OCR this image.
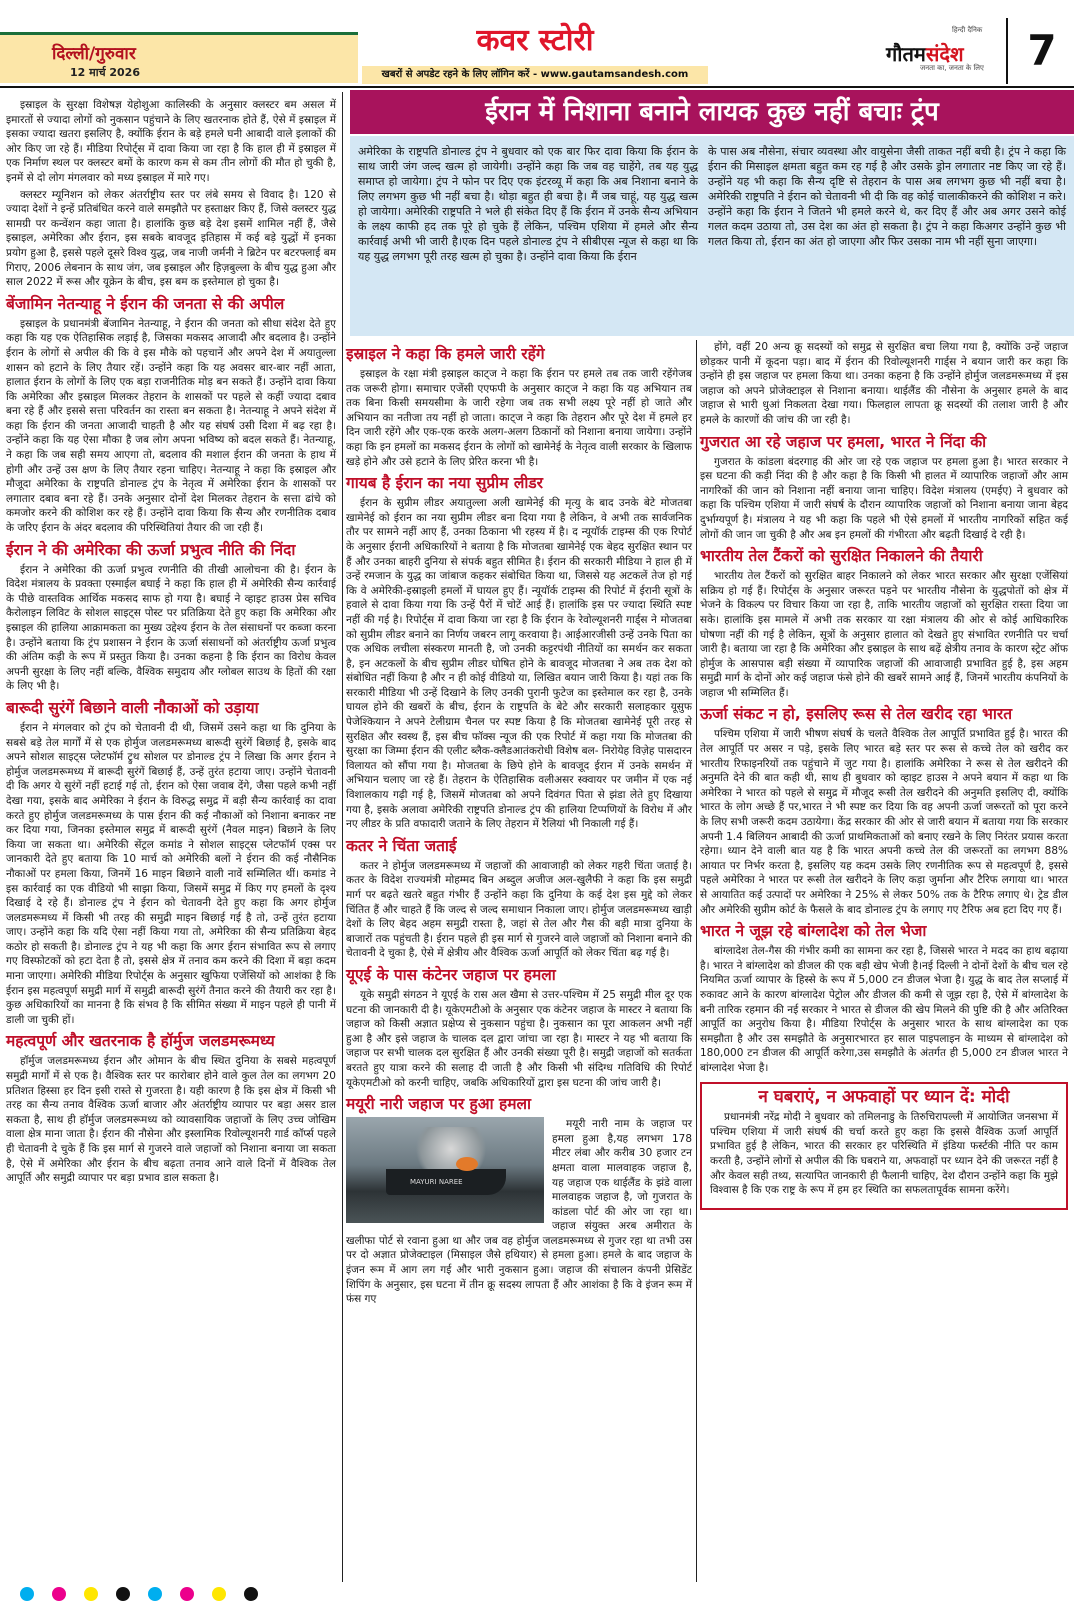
दिल्ली/गुरुवार
12 मार्च 2026
कवर स्टोरी
खबरों से अपडेट रहने के लिए लॉगिन करें - www.gautamsandesh.com
हिन्दी दैनिक
गौतमसंदेश
जनता का, जनता के लिए	7

इस्राइल के सुरक्षा विशेषज्ञ येहोशुआ कालिस्की के अनुसार क्लस्टर बम असल में इमारतों से ज्यादा लोगों को नुकसान पहुंचाने के लिए खतरनाक होते हैं, ऐसे में इस्राइल में इसका ज्यादा खतरा इसलिए है, क्योंकि ईरान के बड़े हमले घनी आबादी वाले इलाकों की ओर किए जा रहे हैं। मीडिया रिपोर्ट्स में दावा किया जा रहा है कि हाल ही में इस्राइल में एक निर्माण स्थल पर क्लस्टर बमों के कारण कम से कम तीन लोगों की मौत हो चुकी है, इनमें से दो लोग मंगलवार को मध्य इस्राइल में मारे गए।

क्लस्टर म्यूनिशन को लेकर अंतर्राष्ट्रीय स्तर पर लंबे समय से विवाद है। 120 से ज्यादा देशों ने इन्हें प्रतिबंधित करने वाले समझौते पर हस्ताक्षर किए हैं, जिसे क्लस्टर युद्ध सामग्री पर कन्वेंशन कहा जाता है। हालांकि कुछ बड़े देश इसमें शामिल नहीं हैं, जैसे इस्राइल, अमेरिका और ईरान, इस सबके बावजूद इतिहास में कई बड़े युद्धों में इनका प्रयोग हुआ है, इससे पहले दूसरे विश्व युद्ध, जब नाजी जर्मनी ने ब्रिटेन पर बटरफ्लाई बम गिराए, 2006 लेबनान के साथ जंग, जब इस्राइल और हिज़बुल्ला के बीच युद्ध हुआ और साल 2022 में रूस और यूक्रेन के बीच, इस बम क इस्तेमाल हो चुका है।

बेंजामिन नेतन्याहू ने ईरान की जनता से की अपील

इस्राइल के प्रधानमंत्री बेंजामिन नेतन्याहू, ने ईरान की जनता को सीधा संदेश देते हुए कहा कि यह एक ऐतिहासिक लड़ाई है, जिसका मकसद आजादी और बदलाव है। उन्होंने ईरान के लोगों से अपील की कि वे इस मौके को पहचानें और अपने देश में अयातुल्ला शासन को हटाने के लिए तैयार रहें। उन्होंने कहा कि यह अवसर बार-बार नहीं आता, हालात ईरान के लोगों के लिए एक बड़ा राजनीतिक मोड़ बन सकते हैं। उन्होंने दावा किया कि अमेरिका और इस्राइल मिलकर तेहरान के शासकों पर पहले से कहीं ज्यादा दबाव बना रहे हैं और इससे सत्ता परिवर्तन का रास्ता बन सकता है। नेतन्याहू ने अपने संदेश में कहा कि ईरान की जनता आजादी चाहती है और यह संघर्ष उसी दिशा में बढ़ रहा है। उन्होंने कहा कि यह ऐसा मौका है जब लोग अपना भविष्य को बदल सकते हैं। नेतन्याहू, ने कहा कि जब सही समय आएगा तो, बदलाव की मशाल ईरान की जनता के हाथ में होगी और उन्हें उस क्षण के लिए तैयार रहना चाहिए। नेतन्याहू ने कहा कि इस्राइल और मौजूदा अमेरिका के राष्ट्रपति डोनाल्ड ट्रंप के नेतृत्व में अमेरिका ईरान के शासकों पर लगातार दबाव बना रहे हैं। उनके अनुसार दोनों देश मिलकर तेहरान के सत्ता ढांचे को कमजोर करने की कोशिश कर रहे हैं। उन्होंने दावा किया कि सैन्य और रणनीतिक दबाव के जरिए ईरान के अंदर बदलाव की परिस्थितियां तैयार की जा रही हैं।

ईरान ने की अमेरिका की ऊर्जा प्रभुत्व नीति की निंदा

ईरान ने अमेरिका की ऊर्जा प्रभुत्व रणनीति की तीखी आलोचना की है। ईरान के विदेश मंत्रालय के प्रवक्ता एस्माईल बघाई ने कहा कि हाल ही में अमेरिकी सैन्य कार्रवाई के पीछे वास्तविक आर्थिक मकसद साफ हो गया है। बघाई ने व्हाइट हाउस प्रेस सचिव कैरोलाइन लिविट के सोशल साइट्स पोस्ट पर प्रतिक्रिया देते हुए कहा कि अमेरिका और इस्राइल की हालिया आक्रामकता का मुख्य उद्देश्य ईरान के तेल संसाधनों पर कब्जा करना है। उन्होंने बताया कि ट्रंप प्रशासन ने ईरान के ऊर्जा संसाधनों को अंतर्राष्ट्रीय ऊर्जा प्रभुत्व की अंतिम कड़ी के रूप में प्रस्तुत किया है। उनका कहना है कि ईरान का विरोध केवल अपनी सुरक्षा के लिए नहीं बल्कि, वैश्विक समुदाय और ग्लोबल साउथ के हितों की रक्षा के लिए भी है।

बारूदी सुरंगें बिछाने वाली नौकाओं को उड़ाया

ईरान ने मंगलवार को ट्रंप को चेतावनी दी थी, जिसमें उसने कहा था कि दुनिया के सबसे बड़े तेल मार्गों में से एक होर्मुज जलडमरूमध्य बारूदी सुरंगें बिछाई है, इसके बाद अपने सोशल साइट्स प्लेटफॉर्म ट्रुथ सोशल पर डोनाल्ड ट्रंप ने लिखा कि अगर ईरान ने होर्मुज जलडमरूमध्य में बारूदी सुरंगें बिछाई हैं, उन्हें तुरंत हटाया जाए। उन्होंने चेतावनी दी कि अगर ये सुरंगें नहीं हटाई गई तो, ईरान को ऐसा जवाब देंगे, जैसा पहले कभी नहीं देखा गया, इसके बाद अमेरिका ने ईरान के विरुद्ध समुद्र में बड़ी सैन्य कार्रवाई का दावा करते हुए होर्मुज जलडमरूमध्य के पास ईरान की कई नौकाओं को निशाना बनाकर नष्ट कर दिया गया, जिनका इस्तेमाल समुद्र में बारूदी सुरंगें (नैवल माइन) बिछाने के लिए किया जा सकता था। अमेरिकी सेंट्रल कमांड ने सोशल साइट्स प्लेटफॉर्म एक्स पर जानकारी देते हुए बताया कि 10 मार्च को अमेरिकी बलों ने ईरान की कई नौसैनिक नौकाओं पर हमला किया, जिनमें 16 माइन बिछाने वाली नावें सम्मिलित थीं। कमांड ने इस कार्रवाई का एक वीडियो भी साझा किया, जिसमें समुद्र में किए गए हमलों के दृश्य दिखाई दे रहे हैं। डोनाल्ड ट्रंप ने ईरान को चेतावनी देते हुए कहा कि अगर होर्मुज जलडमरूमध्य में किसी भी तरह की समुद्री माइन बिछाई गई है तो, उन्हें तुरंत हटाया जाए। उन्होंने कहा कि यदि ऐसा नहीं किया गया तो, अमेरिका की सैन्य प्रतिक्रिया बेहद कठोर हो सकती है। डोनाल्ड ट्रंप ने यह भी कहा कि अगर ईरान संभावित रूप से लगाए गए विस्फोटकों को हटा देता है तो, इससे क्षेत्र में तनाव कम करने की दिशा में बड़ा कदम माना जाएगा। अमेरिकी मीडिया रिपोर्ट्स के अनुसार खुफिया एजेंसियों को आशंका है कि ईरान इस महत्वपूर्ण समुद्री मार्ग में समुद्री बारूदी सुरंगें तैनात करने की तैयारी कर रहा है। कुछ अधिकारियों का मानना है कि संभव है कि सीमित संख्या में माइन पहले ही पानी में डाली जा चुकी हों।

महत्वपूर्ण और खतरनाक है हॉर्मुज जलडमरूमध्य

हॉर्मुज जलडमरूमध्य ईरान और ओमान के बीच स्थित दुनिया के सबसे महत्वपूर्ण समुद्री मार्गों में से एक है। वैश्विक स्तर पर कारोबार होने वाले कुल तेल का लगभग 20 प्रतिशत हिस्सा हर दिन इसी रास्ते से गुजरता है। यही कारण है कि इस क्षेत्र में किसी भी तरह का सैन्य तनाव वैश्विक ऊर्जा बाजार और अंतर्राष्ट्रीय व्यापार पर बड़ा असर डाल सकता है, साथ ही हॉर्मुज जलडमरूमध्य को व्यावसायिक जहाजों के लिए उच्च जोखिम वाला क्षेत्र माना जाता है। ईरान की नौसेना और इस्लामिक रिवोल्यूशनरी गार्ड कॉर्प्स पहले ही चेतावनी दे चुके हैं कि इस मार्ग से गुजरने वाले जहाजों को निशाना बनाया जा सकता है, ऐसे में अमेरिका और ईरान के बीच बढ़ता तनाव आने वाले दिनों में वैश्विक तेल आपूर्ति और समुद्री व्यापार पर बड़ा प्रभाव डाल सकता है।

ईरान में निशाना बनाने लायक कुछ नहीं बचाः ट्रंप
अमेरिका के राष्ट्रपति डोनाल्ड ट्रंप ने बुधवार को एक बार फिर दावा किया कि ईरान के साथ जारी जंग जल्द खत्म हो जायेगी। उन्होंने कहा कि जब वह चाहेंगे, तब यह युद्ध समाप्त हो जायेगा। ट्रंप ने फोन पर दिए एक इंटरव्यू में कहा कि अब निशाना बनाने के लिए लगभग कुछ भी नहीं बचा है। थोड़ा बहुत ही बचा है। मैं जब चाहूं, यह युद्ध खत्म हो जायेगा। अमेरिकी राष्ट्रपति ने भले ही संकेत दिए हैं कि ईरान में उनके सैन्य अभियान के लक्ष्य काफी हद तक पूरे हो चुके हैं लेकिन, पश्चिम एशिया में हमले और सैन्य कार्रवाई अभी भी जारी है।एक दिन पहले डोनाल्ड ट्रंप ने सीबीएस न्यूज से कहा था कि यह युद्ध लगभग पूरी तरह खत्म हो चुका है। उन्होंने दावा किया कि ईरान
के पास अब नौसेना, संचार व्यवस्था और वायुसेना जैसी ताकत नहीं बची है। ट्रंप ने कहा कि ईरान की मिसाइल क्षमता बहुत कम रह गई है और उसके ड्रोन लगातार नष्ट किए जा रहे हैं। उन्होंने यह भी कहा कि सैन्य दृष्टि से तेहरान के पास अब लगभग कुछ भी नहीं बचा है।अमेरिकी राष्ट्रपति ने ईरान को चेतावनी भी दी कि वह कोई चालाकीकरने की कोशिश न करे। उन्होंने कहा कि ईरान ने जितने भी हमले करने थे, कर दिए हैं और अब अगर उसने कोई गलत कदम उठाया तो, उस देश का अंत हो सकता है। ट्रंप ने कहा किअगर उन्होंने कुछ भी गलत किया तो, ईरान का अंत हो जाएगा और फिर उसका नाम भी नहीं सुना जाएगा।
इस्राइल ने कहा कि हमले जारी रहेंगे

इस्राइल के रक्षा मंत्री इस्राइल काट्ज ने कहा कि ईरान पर हमले तब तक जारी रहेंगेजब तक जरूरी होगा। समाचार एजेंसी एएफपी के अनुसार काट्ज ने कहा कि यह अभियान तब तक बिना किसी समयसीमा के जारी रहेगा जब तक सभी लक्ष्य पूरे नहीं हो जाते और अभियान का नतीजा तय नहीं हो जाता। काट्ज ने कहा कि तेहरान और पूरे देश में हमले हर दिन जारी रहेंगे और एक-एक करके अलग-अलग ठिकानों को निशाना बनाया जायेगा। उन्होंने कहा कि इन हमलों का मकसद ईरान के लोगों को खामेनेई के नेतृत्व वाली सरकार के खिलाफ खड़े होने और उसे हटाने के लिए प्रेरित करना भी है।

गायब है ईरान का नया सुप्रीम लीडर

ईरान के सुप्रीम लीडर अयातुल्ला अली खामेनेई की मृत्यु के बाद उनके बेटे मोजतबा खामेनेई को ईरान का नया सुप्रीम लीडर बना दिया गया है लेकिन, वे अभी तक सार्वजनिक तौर पर सामने नहीं आए हैं, उनका ठिकाना भी रहस्य में है। द न्यूयॉर्क टाइम्स की एक रिपोर्ट के अनुसार ईरानी अधिकारियों ने बताया है कि मोजतबा खामेनेई एक बेहद सुरक्षित स्थान पर हैं और उनका बाहरी दुनिया से संपर्क बहुत सीमित है। ईरान की सरकारी मीडिया ने हाल ही में उन्हें रमजान के युद्ध का जांबाज कहकर संबोधित किया था, जिससे यह अटकलें तेज हो गई कि वे अमेरिकी-इस्राइली हमलों में घायल हुए हैं। न्यूयॉर्क टाइम्स की रिपोर्ट में ईरानी सूत्रों के हवाले से दावा किया गया कि उन्हें पैरों में चोटें आई हैं। हालांकि इस पर ज्यादा स्थिति स्पष्ट नहीं की गई है। रिपोर्ट्स में दावा किया जा रहा है कि ईरान के रेवोल्यूशनरी गार्ड्स ने मोजतबा को सुप्रीम लीडर बनाने का निर्णय जबरन लागू करवाया है। आईआरजीसी उन्हें उनके पिता का एक अधिक लचीला संस्करण मानती है, जो उनकी कट्टरपंथी नीतियों का समर्थन कर सकता है, इन अटकलों के बीच सुप्रीम लीडर घोषित होने के बावजूद मोजतबा ने अब तक देश को संबोधित नहीं किया है और न ही कोई वीडियो या, लिखित बयान जारी किया है। यहां तक कि सरकारी मीडिया भी उन्हें दिखाने के लिए उनकी पुरानी फुटेज का इस्तेमाल कर रहा है, उनके घायल होने की खबरों के बीच, ईरान के राष्ट्रपति के बेटे और सरकारी सलाहकार यूसुफ पेजेश्कियान ने अपने टेलीग्राम चैनल पर स्पष्ट किया है कि मोजतबा खामेनेई पूरी तरह से सुरक्षित और स्वस्थ हैं, इस बीच फॉक्स न्यूज की एक रिपोर्ट में कहा गया कि मोजतबा की सुरक्षा का जिम्मा ईरान की एलीट ब्लैक-क्लैडआतंकरोधी विशेष बल- निरोयेह विज़ेह पासदारन विलायत को सौंपा गया है। मोजतबा के छिपे होने के बावजूद ईरान में उनके समर्थन में अभियान चलाए जा रहे हैं। तेहरान के ऐतिहासिक वलीअसर स्क्वायर पर जमीन में एक नई विशालकाय गढ़ी गई है, जिसमें मोजतबा को अपने दिवंगत पिता से झंडा लेते हुए दिखाया गया है, इसके अलावा अमेरिकी राष्ट्रपति डोनाल्ड ट्रंप की हालिया टिप्पणियों के विरोध में और नए लीडर के प्रति वफादारी जताने के लिए तेहरान में रैलियां भी निकाली गई हैं।

कतर ने चिंता जताई

कतर ने होर्मुज जलडमरूमध्य में जहाजों की आवाजाही को लेकर गहरी चिंता जताई है। कतर के विदेश राज्यमंत्री मोहम्मद बिन अब्दुल अजीज अल-खुलैफी ने कहा कि इस समुद्री मार्ग पर बढ़ते खतरे बहुत गंभीर हैं उन्होंने कहा कि दुनिया के कई देश इस मुद्दे को लेकर चिंतित हैं और चाहते हैं कि जल्द से जल्द समाधान निकाला जाए। होर्मुज जलडमरूमध्य खाड़ी देशों के लिए बेहद अहम समुद्री रास्ता है, जहां से तेल और गैस की बड़ी मात्रा दुनिया के बाजारों तक पहुंचती है। ईरान पहले ही इस मार्ग से गुजरने वाले जहाजों को निशाना बनाने की चेतावनी दे चुका है, ऐसे में क्षेत्रीय और वैश्विक ऊर्जा आपूर्ति को लेकर चिंता बढ़ गई है।

यूएई के पास कंटेनर जहाज पर हमला

यूके समुद्री संगठन ने यूएई के रास अल खैमा से उत्तर-पश्चिम में 25 समुद्री मील दूर एक घटना की जानकारी दी है। यूकेएमटीओ के अनुसार एक कंटेनर जहाज के मास्टर ने बताया कि जहाज को किसी अज्ञात प्रक्षेप्य से नुकसान पहुंचा है। नुकसान का पूरा आकलन अभी नहीं हुआ है और इसे जहाज के चालक दल द्वारा जांचा जा रहा है। मास्टर ने यह भी बताया कि जहाज पर सभी चालक दल सुरक्षित हैं और उनकी संख्या पूरी है। समुद्री जहाजों को सतर्कता बरतते हुए यात्रा करने की सलाह दी जाती है और किसी भी संदिग्ध गतिविधि की रिपोर्ट यूकेएमटीओ को करनी चाहिए, जबकि अधिकारियों द्वारा इस घटना की जांच जारी है।

मयूरी नारी जहाज पर हुआ हमला
MAYURI NAREE

मयूरी नारी नाम के जहाज पर हमला हुआ है,यह लगभग 178 मीटर लंबा और करीब 30 हजार टन क्षमता वाला मालवाहक जहाज है, यह जहाज एक थाईलैंड के झंडे वाला मालवाहक जहाज है, जो गुजरात के कांडला पोर्ट की ओर जा रहा था। जहाज संयुक्त अरब अमीरात के खलीफा पोर्ट से रवाना हुआ था और जब वह होर्मुज जलडमरूमध्य से गुजर रहा था तभी उस पर दो अज्ञात प्रोजेक्टाइल (मिसाइल जैसे हथियार) से हमला हुआ। हमले के बाद जहाज के इंजन रूम में आग लग गई और भारी नुकसान हुआ। जहाज की संचालन कंपनी प्रेसिडेंट शिपिंग के अनुसार, इस घटना में तीन क्रू सदस्य लापता हैं और आशंका है कि वे इंजन रूम में फंस गए

होंगे, वहीं 20 अन्य क्रू सदस्यों को समुद्र से सुरक्षित बचा लिया गया है, क्योंकि उन्हें जहाज छोड़कर पानी में कूदना पड़ा। बाद में ईरान की रिवोल्यूशनरी गार्ड्स ने बयान जारी कर कहा कि उन्होंने ही इस जहाज पर हमला किया था। उनका कहना है कि उन्होंने होर्मुज जलडमरूमध्य में इस जहाज को अपने प्रोजेक्टाइल से निशाना बनाया। थाईलैंड की नौसेना के अनुसार हमले के बाद जहाज से भारी धुआं निकलता देखा गया। फिलहाल लापता क्रू सदस्यों की तलाश जारी है और हमले के कारणों की जांच की जा रही है।

गुजरात आ रहे जहाज पर हमला, भारत ने निंदा की

गुजरात के कांडला बंदरगाह की ओर जा रहे एक जहाज पर हमला हुआ है। भारत सरकार ने इस घटना की कड़ी निंदा की है और कहा है कि किसी भी हालत में व्यापारिक जहाजों और आम नागरिकों की जान को निशाना नहीं बनाया जाना चाहिए। विदेश मंत्रालय (एमईए) ने बुधवार को कहा कि पश्चिम एशिया में जारी संघर्ष के दौरान व्यापारिक जहाजों को निशाना बनाया जाना बेहद दुर्भाग्यपूर्ण है। मंत्रालय ने यह भी कहा कि पहले भी ऐसे हमलों में भारतीय नागरिकों सहित कई लोगों की जान जा चुकी है और अब इन हमलों की गंभीरता और बढ़ती दिखाई दे रही है।

भारतीय तेल टैंकरों को सुरक्षित निकालने की तैयारी

भारतीय तेल टैंकरों को सुरक्षित बाहर निकालने को लेकर भारत सरकार और सुरक्षा एजेंसियां सक्रिय हो गई हैं। रिपोर्ट्स के अनुसार जरूरत पड़ने पर भारतीय नौसेना के युद्धपोतों को क्षेत्र में भेजने के विकल्प पर विचार किया जा रहा है, ताकि भारतीय जहाजों को सुरक्षित रास्ता दिया जा सके। हालांकि इस मामले में अभी तक सरकार या रक्षा मंत्रालय की ओर से कोई आधिकारिक घोषणा नहीं की गई है लेकिन, सूत्रों के अनुसार हालात को देखते हुए संभावित रणनीति पर चर्चा जारी है। बताया जा रहा है कि अमेरिका और इस्राइल के साथ बढ़ें क्षेत्रीय तनाव के कारण स्ट्रेट ऑफ होर्मुज के आसपास बड़ी संख्या में व्यापारिक जहाजों की आवाजाही प्रभावित हुई है, इस अहम समुद्री मार्ग के दोनों ओर कई जहाज फंसे होने की खबरें सामने आई हैं, जिनमें भारतीय कंपनियों के जहाज भी सम्मिलित हैं।

ऊर्जा संकट न हो, इसलिए रूस से तेल खरीद रहा भारत

पश्चिम एशिया में जारी भीषण संघर्ष के चलते वैश्विक तेल आपूर्ति प्रभावित हुई है। भारत की तेल आपूर्ति पर असर न पड़े, इसके लिए भारत बड़े स्तर पर रूस से कच्चे तेल को खरीद कर भारतीय रिफाइनरियों तक पहुंचाने में जुट गया है। हालांकि अमेरिका ने रूस से तेल खरीदने की अनुमति देने की बात कही थी, साथ ही बुधवार को व्हाइट हाउस ने अपने बयान में कहा था कि अमेरिका ने भारत को पहले से समुद्र में मौजूद रूसी तेल खरीदने की अनुमति इसलिए दी, क्योंकि भारत के लोग अच्छे हैं पर,भारत ने भी स्पष्ट कर दिया कि वह अपनी ऊर्जा जरूरतों को पूरा करने के लिए सभी जरूरी कदम उठायेगा। केंद्र सरकार की ओर से जारी बयान में बताया गया कि सरकार अपनी 1.4 बिलियन आबादी की ऊर्जा प्राथमिकताओं को बनाए रखने के लिए निरंतर प्रयास करता रहेगा। ध्यान देने वाली बात यह है कि भारत अपनी कच्चे तेल की जरूरतों का लगभग 88% आयात पर निर्भर करता है, इसलिए यह कदम उसके लिए रणनीतिक रूप से महत्वपूर्ण है, इससे पहले अमेरिका ने भारत पर रूसी तेल खरीदने के लिए कड़ा जुर्माना और टैरिफ लगाया था। भारत से आयातित कई उत्पादों पर अमेरिका ने 25% से लेकर 50% तक के टैरिफ लगाए थे। ट्रेड डील और अमेरिकी सुप्रीम कोर्ट के फैसले के बाद डोनाल्ड ट्रंप के लगाए गए टैरिफ अब हटा दिए गए हैं।

भारत ने जूझ रहे बांग्लादेश को तेल भेजा

बांग्लादेश तेल-गैस की गंभीर कमी का सामना कर रहा है, जिससे भारत ने मदद का हाथ बढ़ाया है। भारत ने बांग्लादेश को डीजल की एक बड़ी खेप भेजी है।नई दिल्ली ने दोनों देशों के बीच चल रहे नियमित ऊर्जा व्यापार के हिस्से के रूप में 5,000 टन डीजल भेजा है। युद्ध के बाद तेल सप्लाई में रुकावट आने के कारण बांग्लादेश पेट्रोल और डीजल की कमी से जूझ रहा है, ऐसे में बांग्लादेश के बनी तारिक रहमान की नई सरकार ने भारत से डीजल की खेप मिलने की पुष्टि की है और अतिरिक्त आपूर्ति का अनुरोध किया है। मीडिया रिपोर्ट्स के अनुसार भारत के साथ बांग्लादेश का एक समझौता है और उस समझौते के अनुसारभारत हर साल पाइपलाइन के माध्यम से बांग्लादेश को 180,000 टन डीजल की आपूर्ति करेगा,उस समझौते के अंतर्गत ही 5,000 टन डीजल भारत ने बांग्लादेश भेजा है।

न घबराएं, न अफवाहों पर ध्यान दें: मोदी

प्रधानमंत्री नरेंद्र मोदी ने बुधवार को तमिलनाडु के तिरुचिरापल्ली में आयोजित जनसभा में पश्चिम एशिया में जारी संघर्ष की चर्चा करते हुए कहा कि इससे वैश्विक ऊर्जा आपूर्ति प्रभावित हुई है लेकिन, भारत की सरकार हर परिस्थिति में इंडिया फर्स्टकी नीति पर काम करती है, उन्होंने लोगों से अपील की कि घबराने या, अफवाहों पर ध्यान देने की जरूरत नहीं है और केवल सही तथ्य, सत्यापित जानकारी ही फैलानी चाहिए, देश दौरान उन्होंने कहा कि मुझे विश्वास है कि एक राष्ट्र के रूप में हम हर स्थिति का सफलतापूर्वक सामना करेंगे।
